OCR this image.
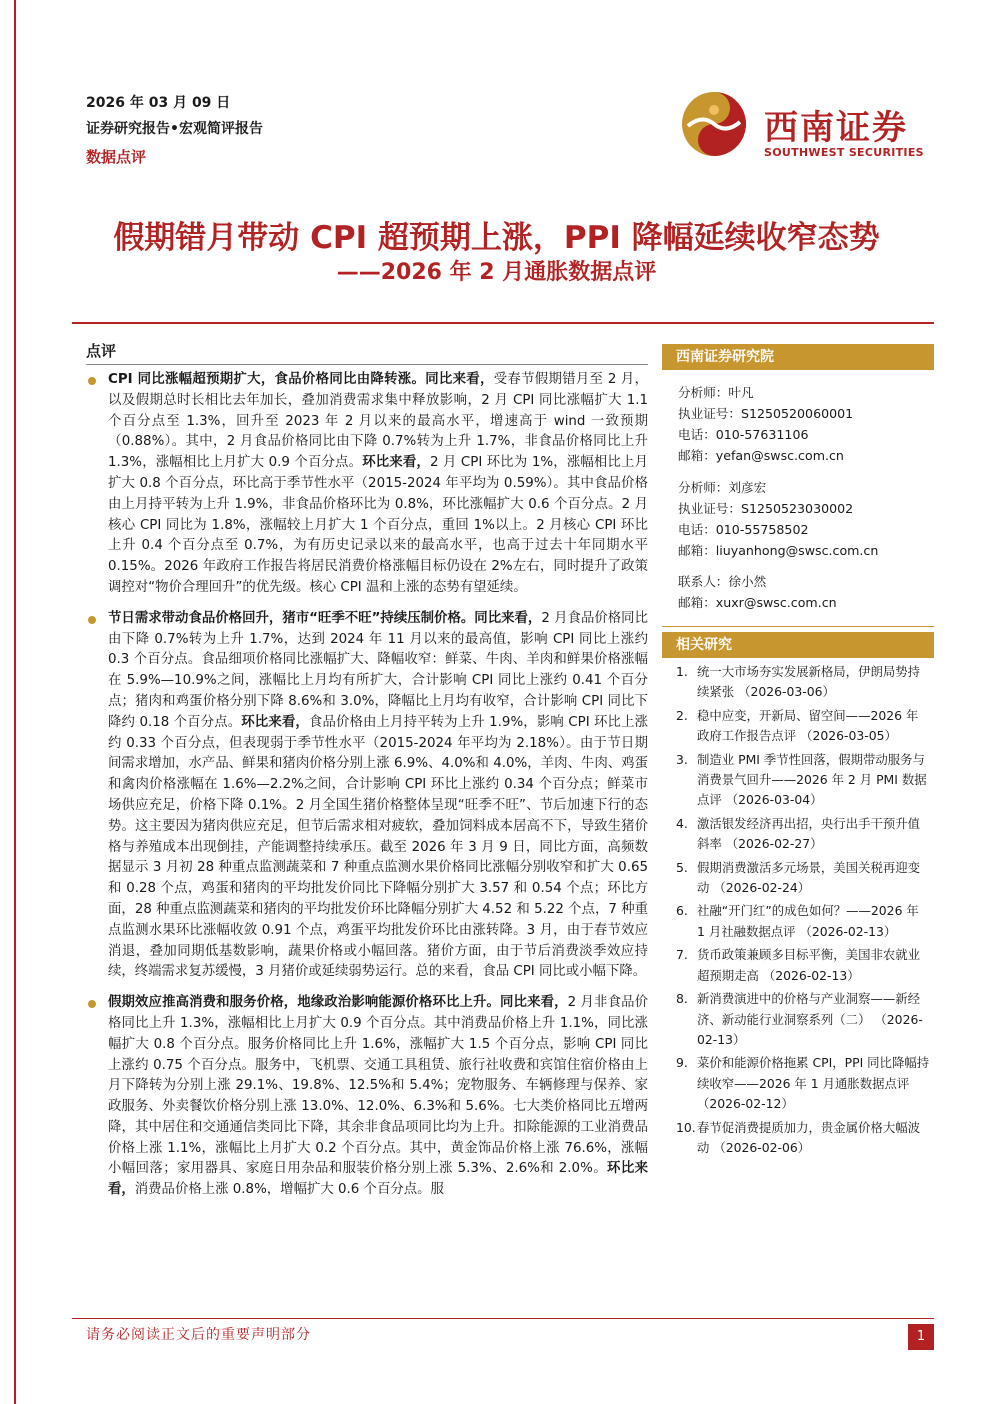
2026 年 03 月 09 日
证券研究报告•宏观简评报告
数据点评
西南证券
SOUTHWEST SECURITIES
假期错月带动 CPI 超预期上涨，PPI 降幅延续收窄态势
——2026 年 2 月通胀数据点评
点评
CPI 同比涨幅超预期扩大，食品价格同比由降转涨。同比来看，受春节假期错月至 2 月，以及假期总时长相比去年加长，叠加消费需求集中释放影响，2 月 CPI 同比涨幅扩大 1.1 个百分点至 1.3%，回升至 2023 年 2 月以来的最高水平，增速高于 wind 一致预期（0.88%）。其中，2 月食品价格同比由下降 0.7%转为上升 1.7%，非食品价格同比上升 1.3%，涨幅相比上月扩大 0.9 个百分点。环比来看，2 月 CPI 环比为 1%，涨幅相比上月扩大 0.8 个百分点，环比高于季节性水平（2015-2024 年平均为 0.59%）。其中食品价格由上月持平转为上升 1.9%，非食品价格环比为 0.8%，环比涨幅扩大 0.6 个百分点。2 月核心 CPI 同比为 1.8%，涨幅较上月扩大 1 个百分点，重回 1%以上。2 月核心 CPI 环比上升 0.4 个百分点至 0.7%，为有历史记录以来的最高水平，也高于过去十年同期水平 0.15%。2026 年政府工作报告将居民消费价格涨幅目标仍设在 2%左右，同时提升了政策调控对“物价合理回升”的优先级。核心 CPI 温和上涨的态势有望延续。
节日需求带动食品价格回升，猪市“旺季不旺”持续压制价格。同比来看，2 月食品价格同比由下降 0.7%转为上升 1.7%，达到 2024 年 11 月以来的最高值，影响 CPI 同比上涨约 0.3 个百分点。食品细项价格同比涨幅扩大、降幅收窄：鲜菜、牛肉、羊肉和鲜果价格涨幅在 5.9%—10.9%之间，涨幅比上月均有所扩大，合计影响 CPI 同比上涨约 0.41 个百分点；猪肉和鸡蛋价格分别下降 8.6%和 3.0%，降幅比上月均有收窄，合计影响 CPI 同比下降约 0.18 个百分点。环比来看，食品价格由上月持平转为上升 1.9%，影响 CPI 环比上涨约 0.33 个百分点，但表现弱于季节性水平（2015-2024 年平均为 2.18%）。由于节日期间需求增加，水产品、鲜果和猪肉价格分别上涨 6.9%、4.0%和 4.0%，羊肉、牛肉、鸡蛋和禽肉价格涨幅在 1.6%—2.2%之间，合计影响 CPI 环比上涨约 0.34 个百分点；鲜菜市场供应充足，价格下降 0.1%。2 月全国生猪价格整体呈现“旺季不旺”、节后加速下行的态势。这主要因为猪肉供应充足，但节后需求相对疲软，叠加饲料成本居高不下，导致生猪价格与养殖成本出现倒挂，产能调整持续承压。截至 2026 年 3 月 9 日，同比方面，高频数据显示 3 月初 28 种重点监测蔬菜和 7 种重点监测水果价格同比涨幅分别收窄和扩大 0.65 和 0.28 个点，鸡蛋和猪肉的平均批发价同比下降幅分别扩大 3.57 和 0.54 个点；环比方面，28 种重点监测蔬菜和猪肉的平均批发价环比降幅分别扩大 4.52 和 5.22 个点，7 种重点监测水果环比涨幅收敛 0.91 个点，鸡蛋平均批发价环比由涨转降。3 月，由于春节效应消退，叠加同期低基数影响，蔬果价格或小幅回落。猪价方面，由于节后消费淡季效应持续，终端需求复苏缓慢，3 月猪价或延续弱势运行。总的来看，食品 CPI 同比或小幅下降。
假期效应推高消费和服务价格，地缘政治影响能源价格环比上升。同比来看，2 月非食品价格同比上升 1.3%，涨幅相比上月扩大 0.9 个百分点。其中消费品价格上升 1.1%，同比涨幅扩大 0.8 个百分点。服务价格同比上升 1.6%，涨幅扩大 1.5 个百分点，影响 CPI 同比上涨约 0.75 个百分点。服务中，飞机票、交通工具租赁、旅行社收费和宾馆住宿价格由上月下降转为分别上涨 29.1%、19.8%、12.5%和 5.4%；宠物服务、车辆修理与保养、家政服务、外卖餐饮价格分别上涨 13.0%、12.0%、6.3%和 5.6%。七大类价格同比五增两降，其中居住和交通通信类同比下降，其余非食品项同比均为上升。扣除能源的工业消费品价格上涨 1.1%，涨幅比上月扩大 0.2 个百分点。其中，黄金饰品价格上涨 76.6%，涨幅小幅回落；家用器具、家庭日用杂品和服装价格分别上涨 5.3%、2.6%和 2.0%。环比来看，消费品价格上涨 0.8%，增幅扩大 0.6 个百分点。服
西南证券研究院
分析师：叶凡
执业证号：S1250520060001
电话：010-57631106
邮箱：yefan@swsc.com.cn
分析师：刘彦宏
执业证号：S1250523030002
电话：010-55758502
邮箱：liuyanhong@swsc.com.cn
联系人：徐小然
邮箱：xuxr@swsc.com.cn
相关研究
1. 统一大市场夯实发展新格局，伊朗局势持续紧张 （2026-03-06）
2. 稳中应变，开新局、留空间——2026 年政府工作报告点评 （2026-03-05）
3. 制造业 PMI 季节性回落，假期带动服务与消费景气回升——2026 年 2 月 PMI 数据点评 （2026-03-04）
4. 激活银发经济再出招，央行出手干预升值斜率 （2026-02-27）
5. 假期消费激活多元场景，美国关税再迎变动 （2026-02-24）
6. 社融“开门红”的成色如何？——2026 年 1 月社融数据点评 （2026-02-13）
7. 货币政策兼顾多目标平衡，美国非农就业超预期走高 （2026-02-13）
8. 新消费演进中的价格与产业洞察——新经济、新动能行业洞察系列（二） （2026-02-13）
9. 菜价和能源价格拖累 CPI，PPI 同比降幅持续收窄——2026 年 1 月通胀数据点评 （2026-02-12）
10. 春节促消费提质加力，贵金属价格大幅波动 （2026-02-06）
请务必阅读正文后的重要声明部分	1
